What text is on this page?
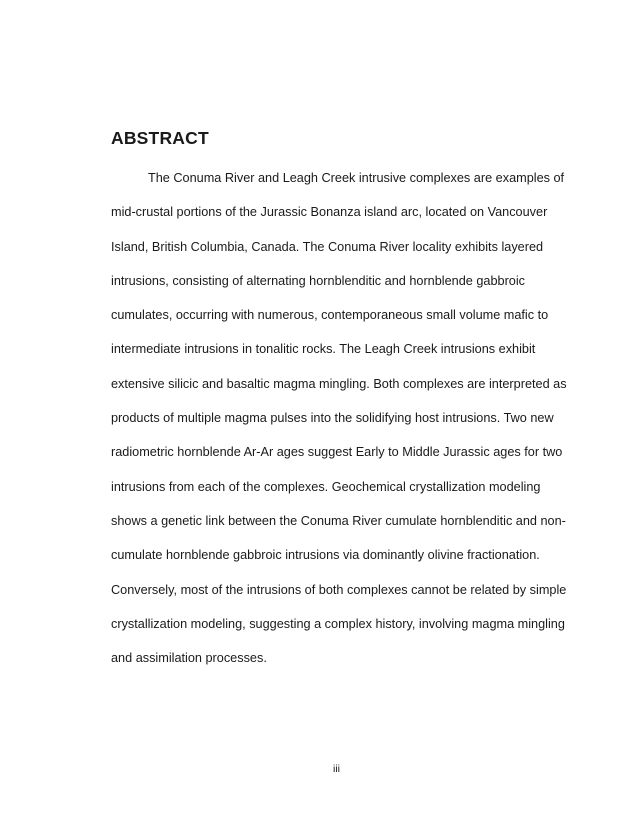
ABSTRACT
The Conuma River and Leagh Creek intrusive complexes are examples of
mid-crustal portions of the Jurassic Bonanza island arc, located on Vancouver
Island, British Columbia, Canada. The Conuma River locality exhibits layered
intrusions, consisting of alternating hornblenditic and hornblende gabbroic
cumulates, occurring with numerous, contemporaneous small volume mafic to
intermediate intrusions in tonalitic rocks. The Leagh Creek intrusions exhibit
extensive silicic and basaltic magma mingling. Both complexes are interpreted as
products of multiple magma pulses into the solidifying host intrusions. Two new
radiometric hornblende Ar-Ar ages suggest Early to Middle Jurassic ages for two
intrusions from each of the complexes. Geochemical crystallization modeling
shows a genetic link between the Conuma River cumulate hornblenditic and non-
cumulate hornblende gabbroic intrusions via dominantly olivine fractionation.
Conversely, most of the intrusions of both complexes cannot be related by simple
crystallization modeling, suggesting a complex history, involving magma mingling
and assimilation processes.
iii
